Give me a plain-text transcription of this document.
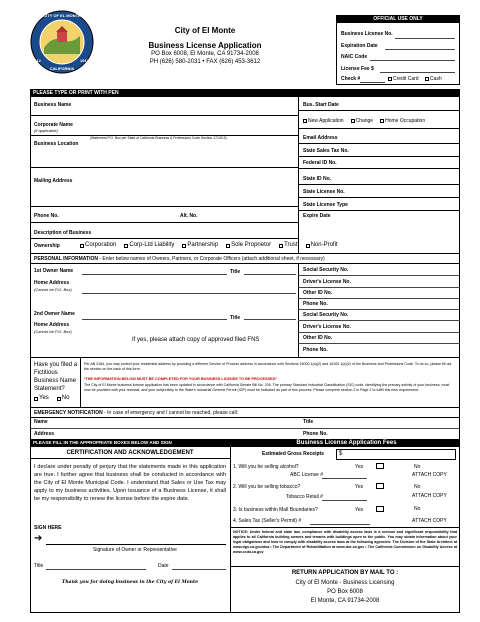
CITY OF EL MONTE
CALIFORNIA
1912	1912
City of El Monte
Business License Application
PO Box 6008, El Monte, CA 91734-2008
PH (626) 580-2031 • FAX (626) 453-3612
OFFICIAL USE ONLY
Business License No.
Expiration Date
NAIC Code
License Fee $
Check #	Credit Card Cash
PLEASE TYPE OR PRINT WITH PEN
Business Name
Corporate Name
(if applicable)
Business Location
(Statement P.O. Box per State of California Business & Professions Code Section 17100.5)
Mailing Address
Phone No.	Alt. No.
Description of Business
Bus. Start Date
New Application Change Home Occupation
Email Address
State Sales Tax No.
Federal ID No.
State ID No.
State License No.
State License Type
Expire Date
Ownership	Corporation Corp-Ltd Liability Partnership Sole Proprietor Trust Non-Profit
PERSONAL INFORMATION - Enter below names of Owners, Partners, or Corporate Officers (attach additional sheet, if necessary)
1st Owner Name	Title
Home Address
(Cannot be P.O. Box)
2nd Owner Name
Title
Home Address
(Cannot be P.O. Box)
If yes, please attach copy of approved filed FNS
Social Security No.
Driver's License No.
Other ID No.
Phone No.
Social Security No.
Driver's License No.
Other ID No.
Phone No.
Have you filed a Fictitious Business Name Statement?
Yes No
Per AB 2184, you may protect your residential address by providing a different Service of Process address in accordance with Sections 16000.1(a)(2) and 16100.1(a)(2) of the Business and Professions Code. To do so, please fill out the section on the back of this form.
*THE INFORMATION BELOW MUST BE COMPLETED FOR YOUR BUSINESS LICENSE TO BE PROCESSED*
The City of El Monte business license application has been updated in accordance with California Senate Bill No. 205. The primary Standard Industrial Classification (SIC) code, identifying the primary activity of your business, must now be provided with your renewal, and your subjectivity to the State's Industrial General Permit (IGP) must be indicated as part of this process. Please complete section 2 in Page 2 to fulfill this new requirement.
EMERGENCY NOTIFICATION - In case of emergency and I cannot be reached, please call:
Name	Title
Address	Phone No.
PLEASE FILL IN THE APPROPRIATE BOXES BELOW AND SIGN	Business License Application Fees
CERTIFICATION AND ACKNOWLEDGEMENT
I declare under penalty of perjury that the statements made in this application are true. I further agree that business shall be conducted in accordance with the City of El Monte Municipal Code. I understand that Sales or Use Tax may apply to my business activities. Upon issuance of a Business License, it shall be my responsibility to renew the license before the expire date.
SIGN HERE
➔
Signature of Owner or Representative
Title	Date
Thank you for doing business in the City of El Monte
Estimated Gross Receipts	$
1. Will you be selling alcohol?	Yes	No
ABC License #	ATTACH COPY
2. Will you be selling tobacco?	Yes	No
Tobacco Retail #	ATTACH COPY
3. Is business within Mall Boundaries?	Yes	No
4. Sales Tax (Seller's Permit) #	ATTACH COPY
NOTICE: Under federal and state law, compliance with disability access laws is a serious and significant responsibility that applies to all California building owners and tenants with buildings open to the public. You may obtain information about your legal obligations and how to comply with disability access laws at the following agencies: The Division of the State Architect at www.dgs.ca.gov/dsa • The Department of Rehabilitation at www.dor.ca.gov • The California Commission on Disability Access at www.ccda.ca.gov
RETURN APPLICATION BY MAIL TO :
City of El Monte - Business Licensing
PO Box 6008
El Monte, CA 91734-2008
